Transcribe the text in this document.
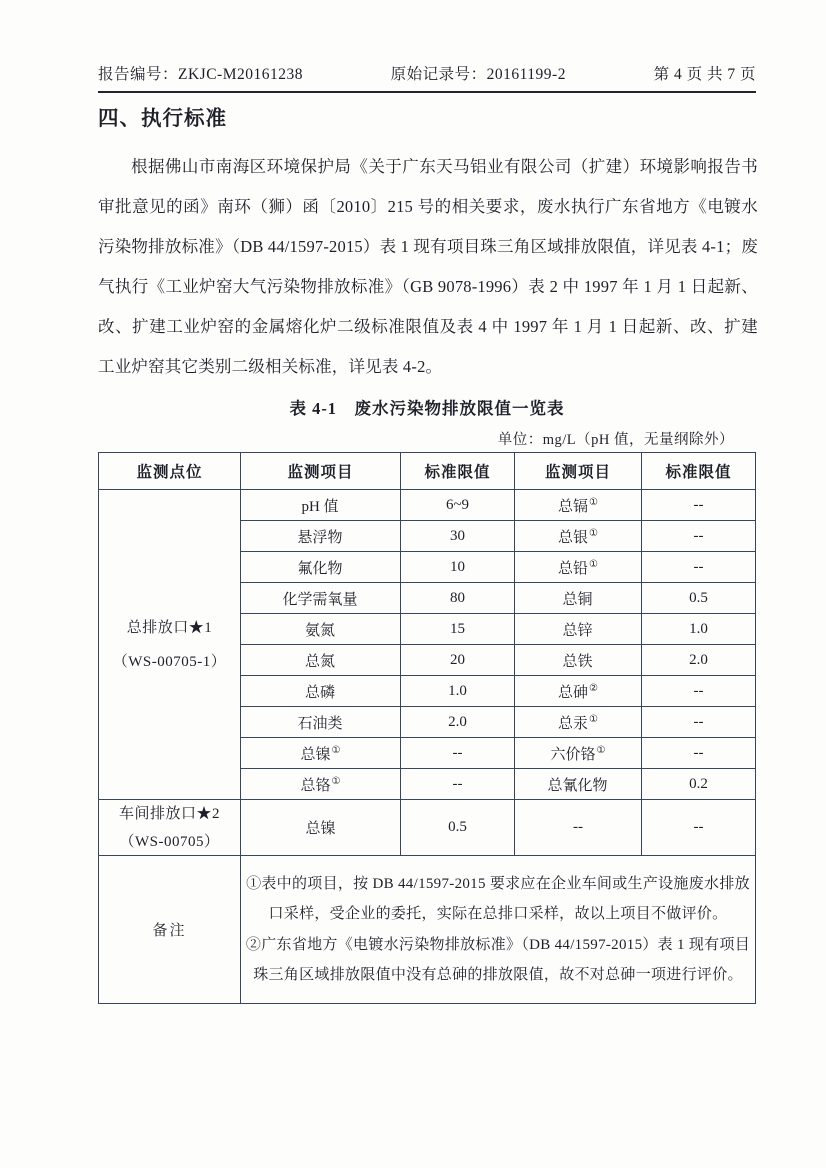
报告编号：ZKJC-M20161238	原始记录号：20161199-2	第 4 页 共 7 页
四、执行标准
根据佛山市南海区环境保护局《关于广东天马铝业有限公司（扩建）环境影响报告书审批意见的函》南环（狮）函〔2010〕215 号的相关要求，废水执行广东省地方《电镀水污染物排放标准》（DB 44/1597-2015）表 1 现有项目珠三角区域排放限值，详见表 4-1；废气执行《工业炉窑大气污染物排放标准》（GB 9078-1996）表 2 中 1997 年 1 月 1 日起新、改、扩建工业炉窑的金属熔化炉二级标准限值及表 4 中 1997 年 1 月 1 日起新、改、扩建工业炉窑其它类别二级相关标准，详见表 4-2。
表 4-1　废水污染物排放限值一览表
单位：mg/L（pH 值，无量纲除外）
监测点位	监测项目	标准限值	监测项目	标准限值

总排放口★1
（WS-00705-1）	pH 值	6~9	总镉①	--
	悬浮物	30	总银①	--
	氟化物	10	总铅①	--
	化学需氧量	80	总铜	0.5
	氨氮	15	总锌	1.0
	总氮	20	总铁	2.0
	总磷	1.0	总砷②	--
	石油类	2.0	总汞①	--
	总镍①	--	六价铬①	--
	总铬①	--	总氰化物	0.2

车间排放口★2
（WS-00705）	总镍	0.5	--	--
备注	①表中的项目，按 DB 44/1597-2015 要求应在企业车间或生产设施废水排放口采样，受企业的委托，实际在总排口采样，故以上项目不做评价。
②广东省地方《电镀水污染物排放标准》（DB 44/1597-2015）表 1 现有项目珠三角区域排放限值中没有总砷的排放限值，故不对总砷一项进行评价。			
